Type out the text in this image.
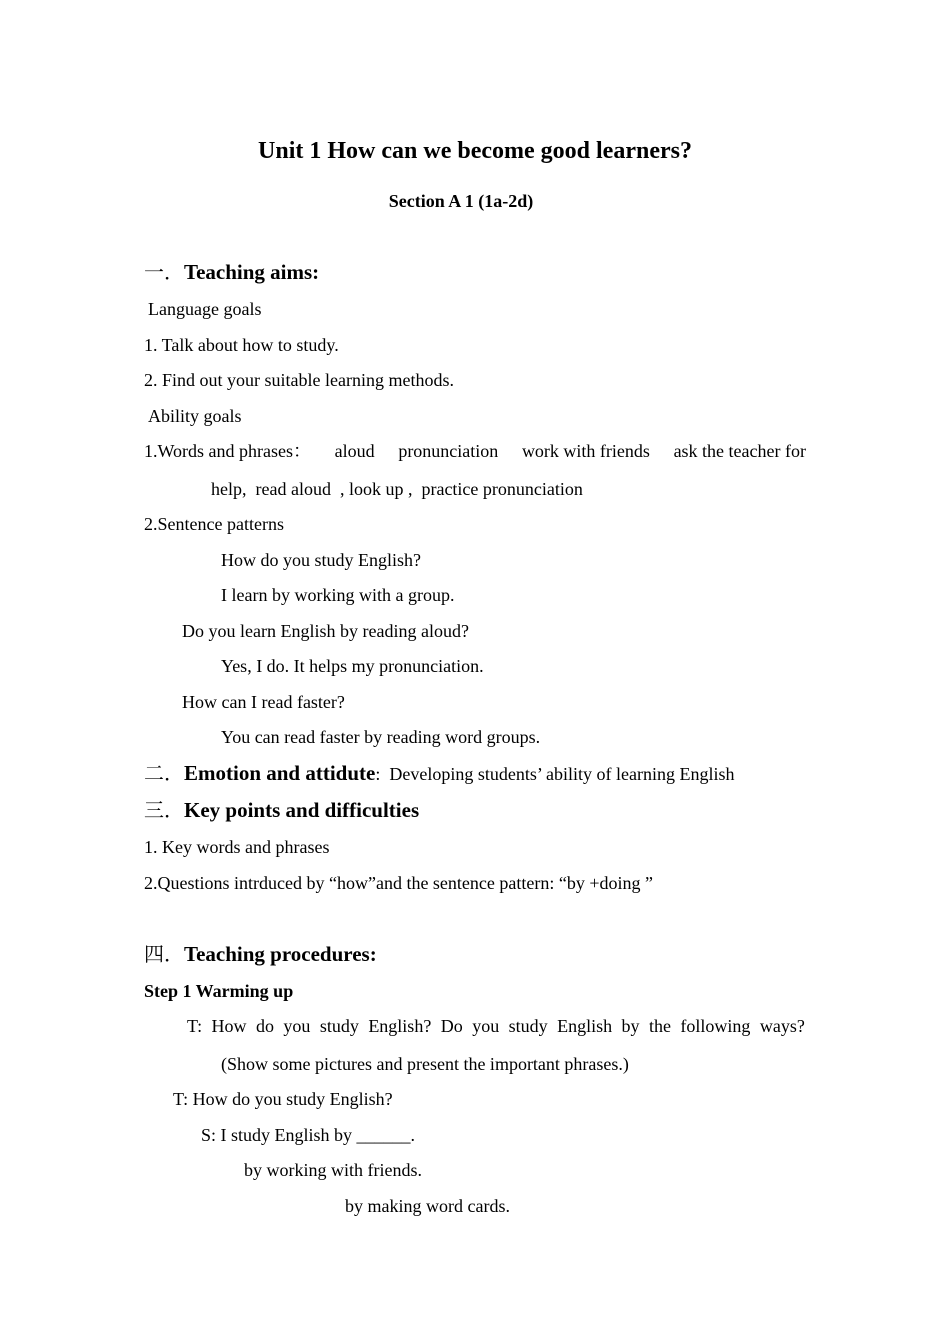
Unit 1 How can we become good learners?
Section A 1 (1a-2d)
一．Teaching aims:
Language goals
1. Talk about how to study.
2. Find out your suitable learning methods.
Ability goals
1.Words and phrases： aloud pronunciation work with friends ask the teacher for
help,  read aloud  , look up ,  practice pronunciation
2.Sentence patterns
How do you study English?
I learn by working with a group.
Do you learn English by reading aloud?
Yes, I do. It helps my pronunciation.
How can I read faster?
You can read faster by reading word groups.
二．Emotion and attidute:  Developing students’ ability of learning English
三．Key points and difficulties
1. Key words and phrases
2.Questions intrduced by “how”and the sentence pattern: “by +doing ”
四．Teaching procedures:
Step 1 Warming up
T: How do you study English? Do you study English by the following ways?
(Show some pictures and present the important phrases.)
T: How do you study English?
S: I study English by ______.
by working with friends.
by making word cards.
